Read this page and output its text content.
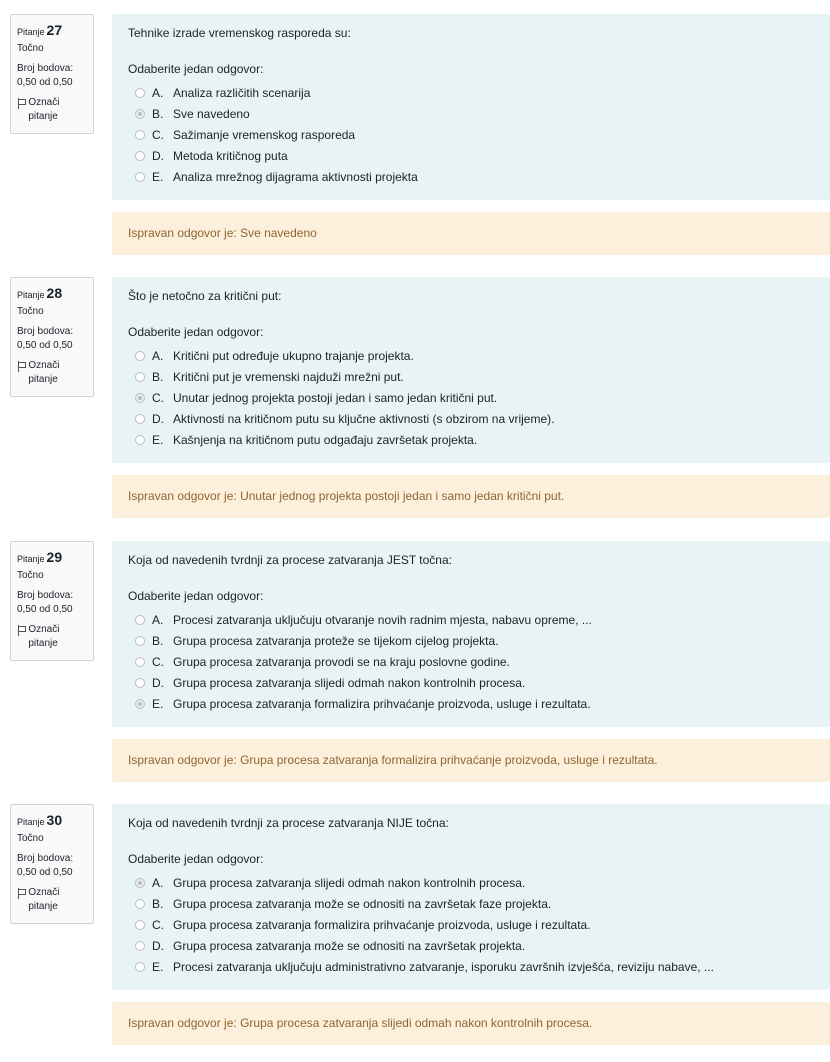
Pitanje 27
Točno
Broj bodova:
0,50 od 0,50
Označi pitanje
Tehnike izrade vremenskog rasporeda su:
Odaberite jedan odgovor:
A. Analiza različitih scenarija
B. Sve navedeno
C. Sažimanje vremenskog rasporeda
D. Metoda kritičnog puta
E. Analiza mrežnog dijagrama aktivnosti projekta
Ispravan odgovor je: Sve navedeno
Pitanje 28
Točno
Broj bodova:
0,50 od 0,50
Označi pitanje
Što je netočno za kritični put:
Odaberite jedan odgovor:
A. Kritični put određuje ukupno trajanje projekta.
B. Kritični put je vremenski najduži mrežni put.
C. Unutar jednog projekta postoji jedan i samo jedan kritični put.
D. Aktivnosti na kritičnom putu su ključne aktivnosti (s obzirom na vrijeme).
E. Kašnjenja na kritičnom putu odgađaju završetak projekta.
Ispravan odgovor je: Unutar jednog projekta postoji jedan i samo jedan kritični put.
Pitanje 29
Točno
Broj bodova:
0,50 od 0,50
Označi pitanje
Koja od navedenih tvrdnji za procese zatvaranja JEST točna:
Odaberite jedan odgovor:
A. Procesi zatvaranja uključuju otvaranje novih radnim mjesta, nabavu opreme, ...
B. Grupa procesa zatvaranja proteže se tijekom cijelog projekta.
C. Grupa procesa zatvaranja provodi se na kraju poslovne godine.
D. Grupa procesa zatvaranja slijedi odmah nakon kontrolnih procesa.
E. Grupa procesa zatvaranja formalizira prihvaćanje proizvoda, usluge i rezultata.
Ispravan odgovor je: Grupa procesa zatvaranja formalizira prihvaćanje proizvoda, usluge i rezultata.
Pitanje 30
Točno
Broj bodova:
0,50 od 0,50
Označi pitanje
Koja od navedenih tvrdnji za procese zatvaranja NIJE točna:
Odaberite jedan odgovor:
A. Grupa procesa zatvaranja slijedi odmah nakon kontrolnih procesa.
B. Grupa procesa zatvaranja može se odnositi na završetak faze projekta.
C. Grupa procesa zatvaranja formalizira prihvaćanje proizvoda, usluge i rezultata.
D. Grupa procesa zatvaranja može se odnositi na završetak projekta.
E. Procesi zatvaranja uključuju administrativno zatvaranje, isporuku završnih izvješća, reviziju nabave, ...
Ispravan odgovor je: Grupa procesa zatvaranja slijedi odmah nakon kontrolnih procesa.
